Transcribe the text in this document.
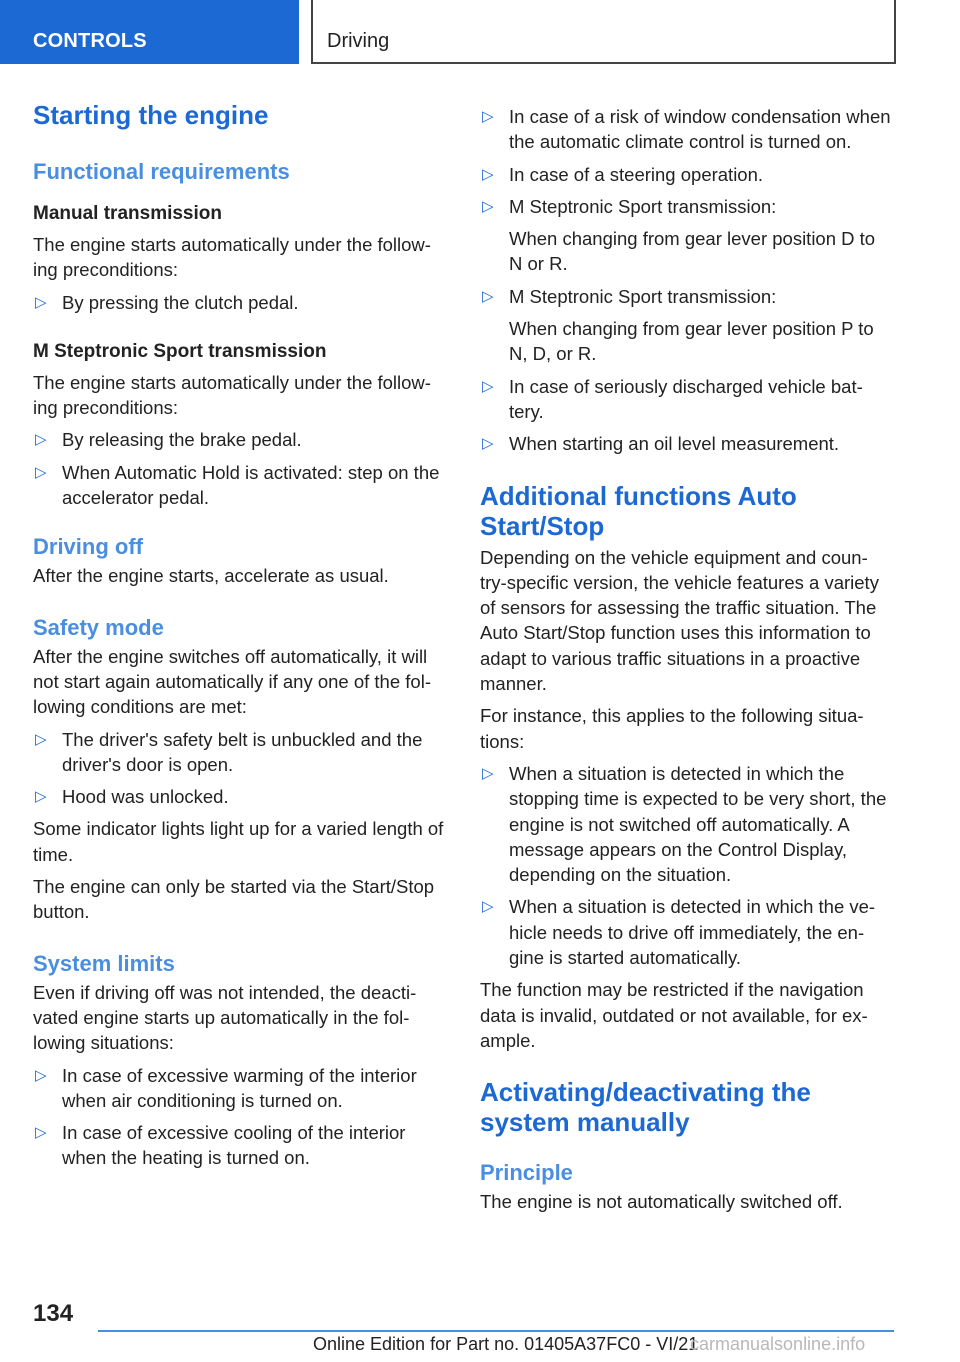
CONTROLS	Driving
Starting the engine
Functional requirements
Manual transmission
The engine starts automatically under the follow-ing preconditions:
▷ By pressing the clutch pedal.
M Steptronic Sport transmission
The engine starts automatically under the follow-ing preconditions:
▷ By releasing the brake pedal.
▷ When Automatic Hold is activated: step on the accelerator pedal.
Driving off
After the engine starts, accelerate as usual.
Safety mode
After the engine switches off automatically, it will not start again automatically if any one of the fol-lowing conditions are met:
▷ The driver's safety belt is unbuckled and the driver's door is open.
▷ Hood was unlocked.
Some indicator lights light up for a varied length of time.
The engine can only be started via the Start/Stop button.
System limits
Even if driving off was not intended, the deacti-vated engine starts up automatically in the fol-lowing situations:
▷ In case of excessive warming of the interior when air conditioning is turned on.
▷ In case of excessive cooling of the interior when the heating is turned on.
▷ In case of a risk of window condensation when the automatic climate control is turned on.
▷ In case of a steering operation.
▷ M Steptronic Sport transmission:
When changing from gear lever position D to N or R.
▷ M Steptronic Sport transmission:
When changing from gear lever position P to N, D, or R.
▷ In case of seriously discharged vehicle bat-tery.
▷ When starting an oil level measurement.
Additional functions Auto Start/Stop
Depending on the vehicle equipment and coun-try-specific version, the vehicle features a variety of sensors for assessing the traffic situation. The Auto Start/Stop function uses this information to adapt to various traffic situations in a proactive manner.
For instance, this applies to the following situa-tions:
▷ When a situation is detected in which the stopping time is expected to be very short, the engine is not switched off automatically. A message appears on the Control Display, depending on the situation.
▷ When a situation is detected in which the ve-hicle needs to drive off immediately, the en-gine is started automatically.
The function may be restricted if the navigation data is invalid, outdated or not available, for ex-ample.
Activating/deactivating the system manually
Principle
The engine is not automatically switched off.
134
Online Edition for Part no. 01405A37FC0 - VI/21
carmanualsonline.info
